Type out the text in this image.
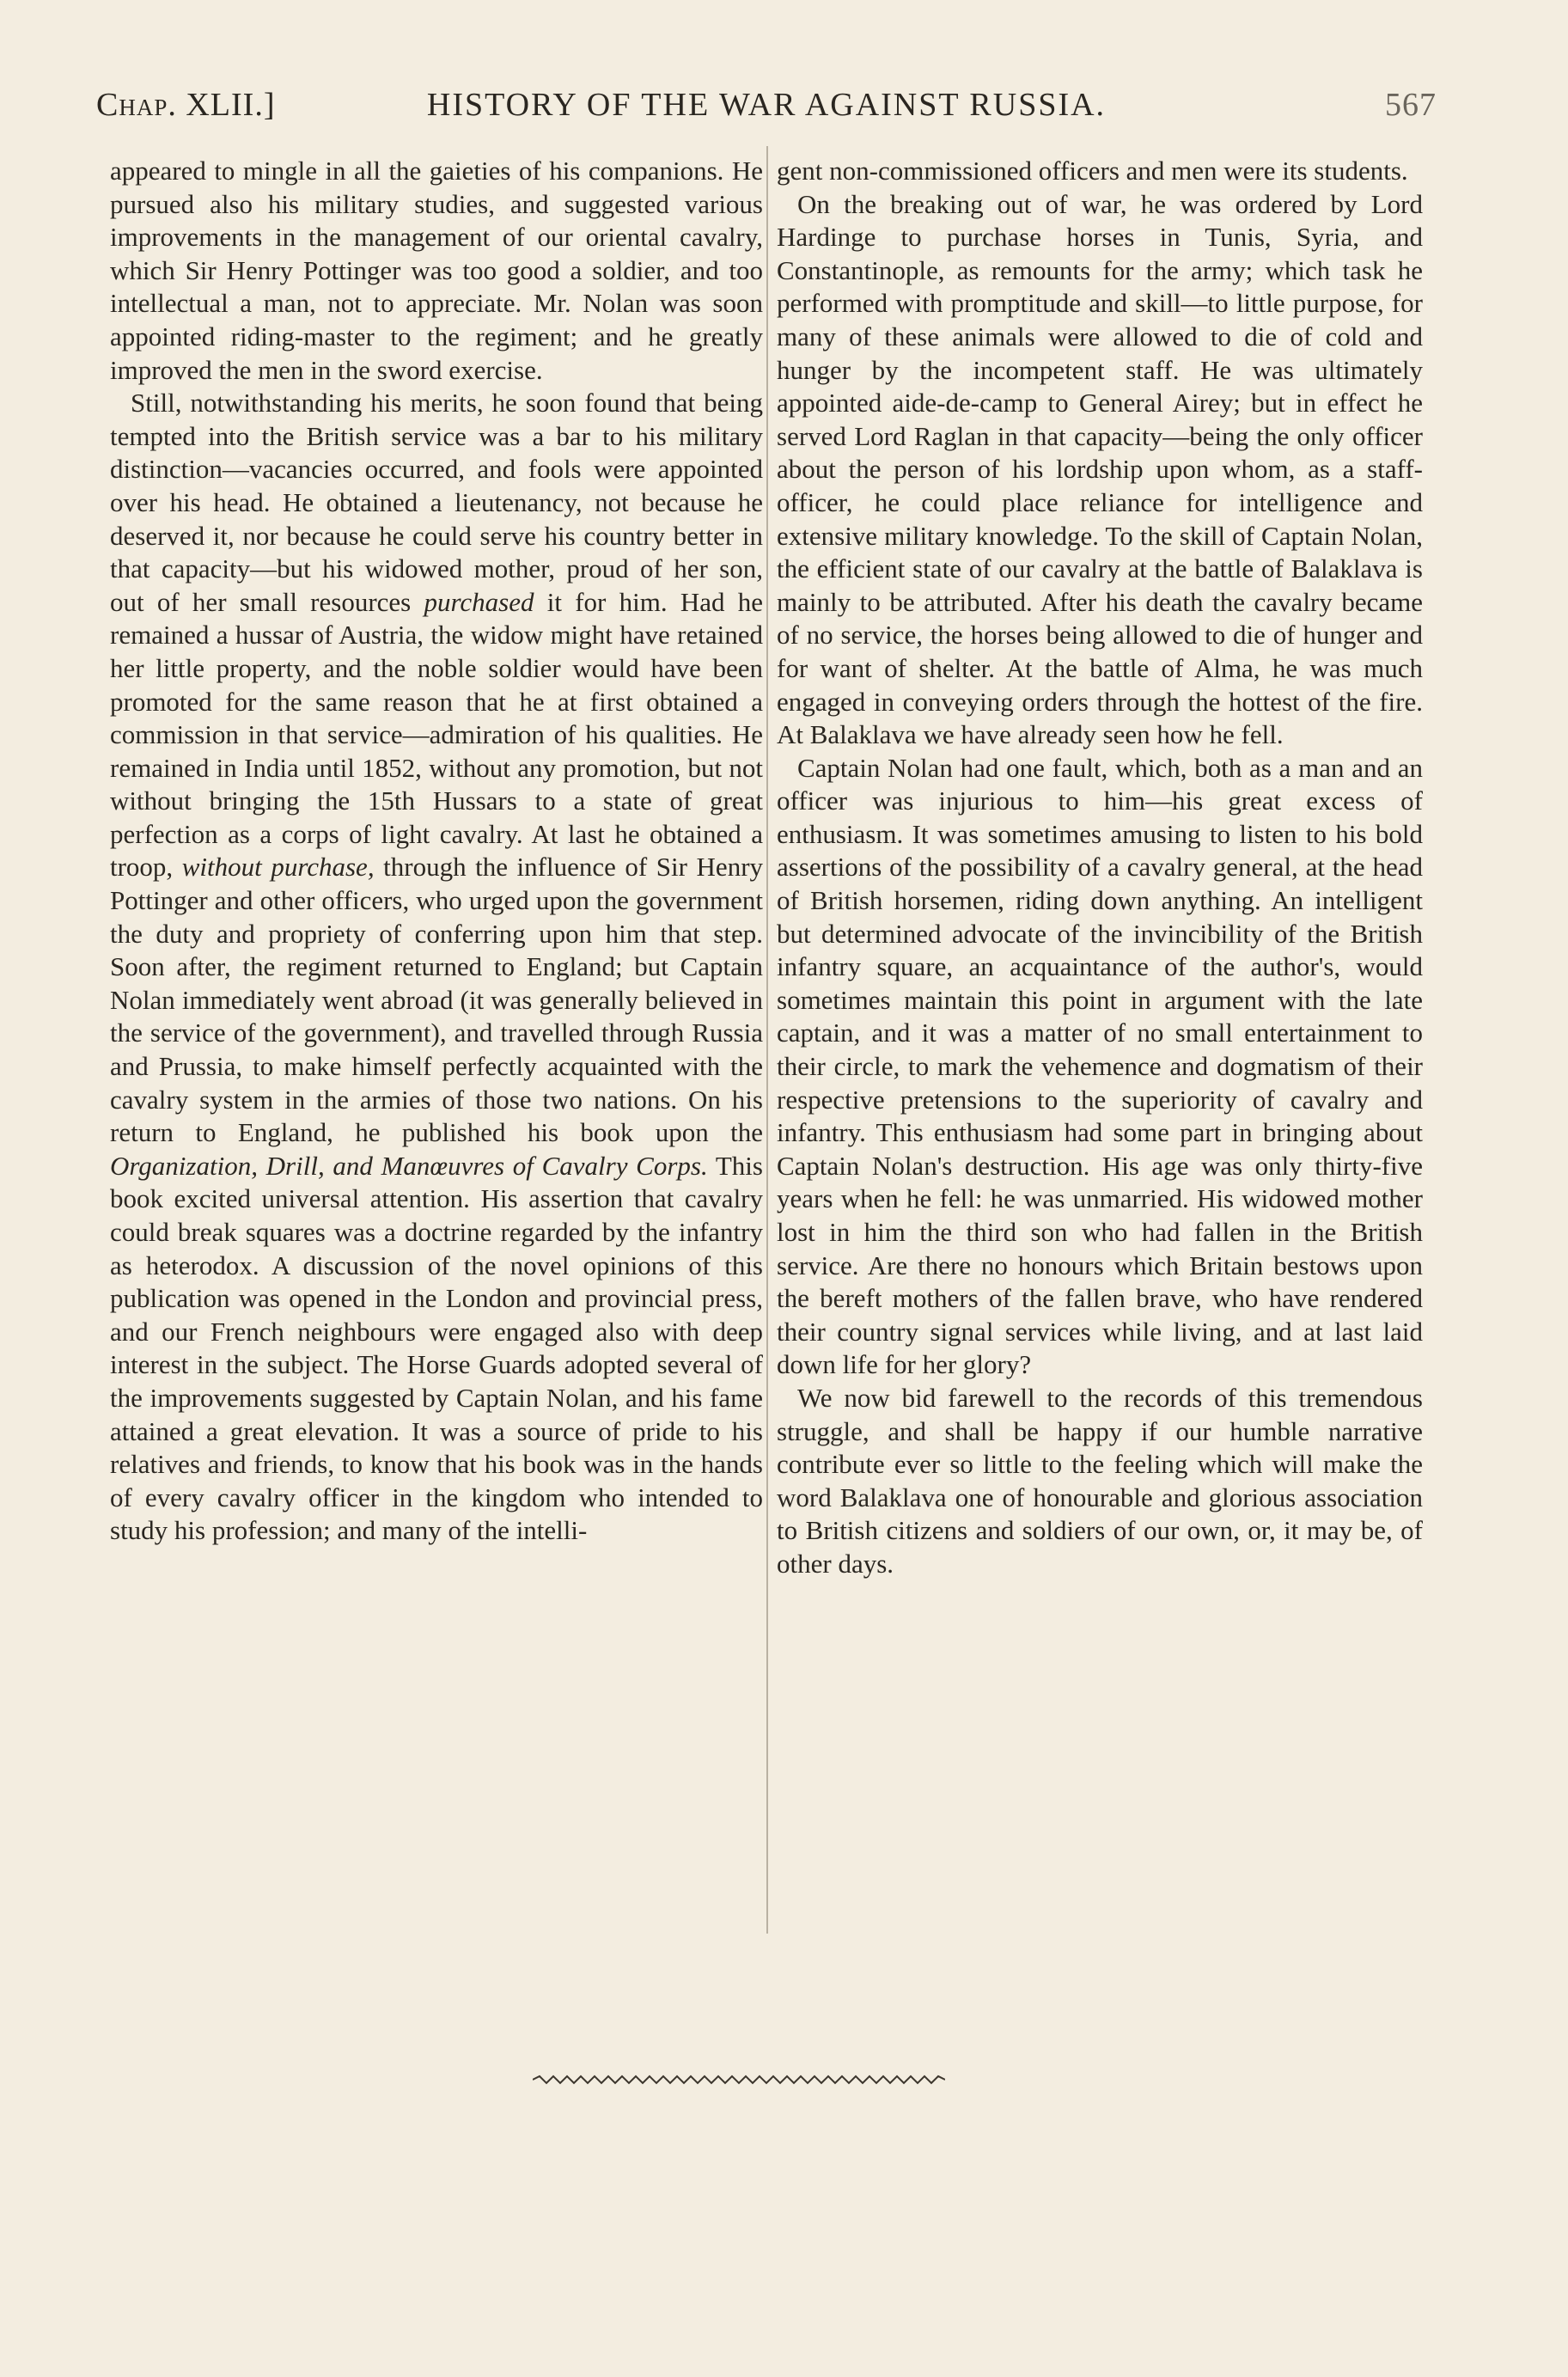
Chap. XLII.]	HISTORY OF THE WAR AGAINST RUSSIA.	567

appeared to mingle in all the gaieties of his companions. He pursued also his military studies, and suggested various improvements in the management of our oriental cavalry, which Sir Henry Pottinger was too good a soldier, and too intellectual a man, not to appreciate. Mr. Nolan was soon appointed riding-master to the regiment; and he greatly improved the men in the sword exercise.

Still, notwithstanding his merits, he soon found that being tempted into the British service was a bar to his military distinction—vacancies occurred, and fools were appointed over his head. He obtained a lieutenancy, not because he deserved it, nor because he could serve his country better in that capacity—but his widowed mother, proud of her son, out of her small resources purchased it for him. Had he remained a hussar of Austria, the widow might have retained her little property, and the noble soldier would have been promoted for the same reason that he at first obtained a commission in that service—admiration of his qualities. He remained in India until 1852, without any promotion, but not without bringing the 15th Hussars to a state of great perfection as a corps of light cavalry. At last he obtained a troop, without purchase, through the influence of Sir Henry Pottinger and other officers, who urged upon the government the duty and propriety of conferring upon him that step. Soon after, the regiment returned to England; but Captain Nolan immediately went abroad (it was generally believed in the service of the government), and travelled through Russia and Prussia, to make himself perfectly acquainted with the cavalry system in the armies of those two nations. On his return to England, he published his book upon the Organization, Drill, and Manœuvres of Cavalry Corps. This book excited universal attention. His assertion that cavalry could break squares was a doctrine regarded by the infantry as heterodox. A discussion of the novel opinions of this publication was opened in the London and provincial press, and our French neighbours were engaged also with deep interest in the subject. The Horse Guards adopted several of the improvements suggested by Captain Nolan, and his fame attained a great elevation. It was a source of pride to his relatives and friends, to know that his book was in the hands of every cavalry officer in the kingdom who intended to study his profession; and many of the intelli-

gent non-commissioned officers and men were its students.

On the breaking out of war, he was ordered by Lord Hardinge to purchase horses in Tunis, Syria, and Constantinople, as remounts for the army; which task he performed with promptitude and skill—to little purpose, for many of these animals were allowed to die of cold and hunger by the incompetent staff. He was ultimately appointed aide-de-camp to General Airey; but in effect he served Lord Raglan in that capacity—being the only officer about the person of his lordship upon whom, as a staff-officer, he could place reliance for intelligence and extensive military knowledge. To the skill of Captain Nolan, the efficient state of our cavalry at the battle of Balaklava is mainly to be attributed. After his death the cavalry became of no service, the horses being allowed to die of hunger and for want of shelter. At the battle of Alma, he was much engaged in conveying orders through the hottest of the fire. At Balaklava we have already seen how he fell.

Captain Nolan had one fault, which, both as a man and an officer was injurious to him—his great excess of enthusiasm. It was sometimes amusing to listen to his bold assertions of the possibility of a cavalry general, at the head of British horsemen, riding down anything. An intelligent but determined advocate of the invincibility of the British infantry square, an acquaintance of the author's, would sometimes maintain this point in argument with the late captain, and it was a matter of no small entertainment to their circle, to mark the vehemence and dogmatism of their respective pretensions to the superiority of cavalry and infantry. This enthusiasm had some part in bringing about Captain Nolan's destruction. His age was only thirty-five years when he fell: he was unmarried. His widowed mother lost in him the third son who had fallen in the British service. Are there no honours which Britain bestows upon the bereft mothers of the fallen brave, who have rendered their country signal services while living, and at last laid down life for her glory?

We now bid farewell to the records of this tremendous struggle, and shall be happy if our humble narrative contribute ever so little to the feeling which will make the word Balaklava one of honourable and glorious association to British citizens and soldiers of our own, or, it may be, of other days.
